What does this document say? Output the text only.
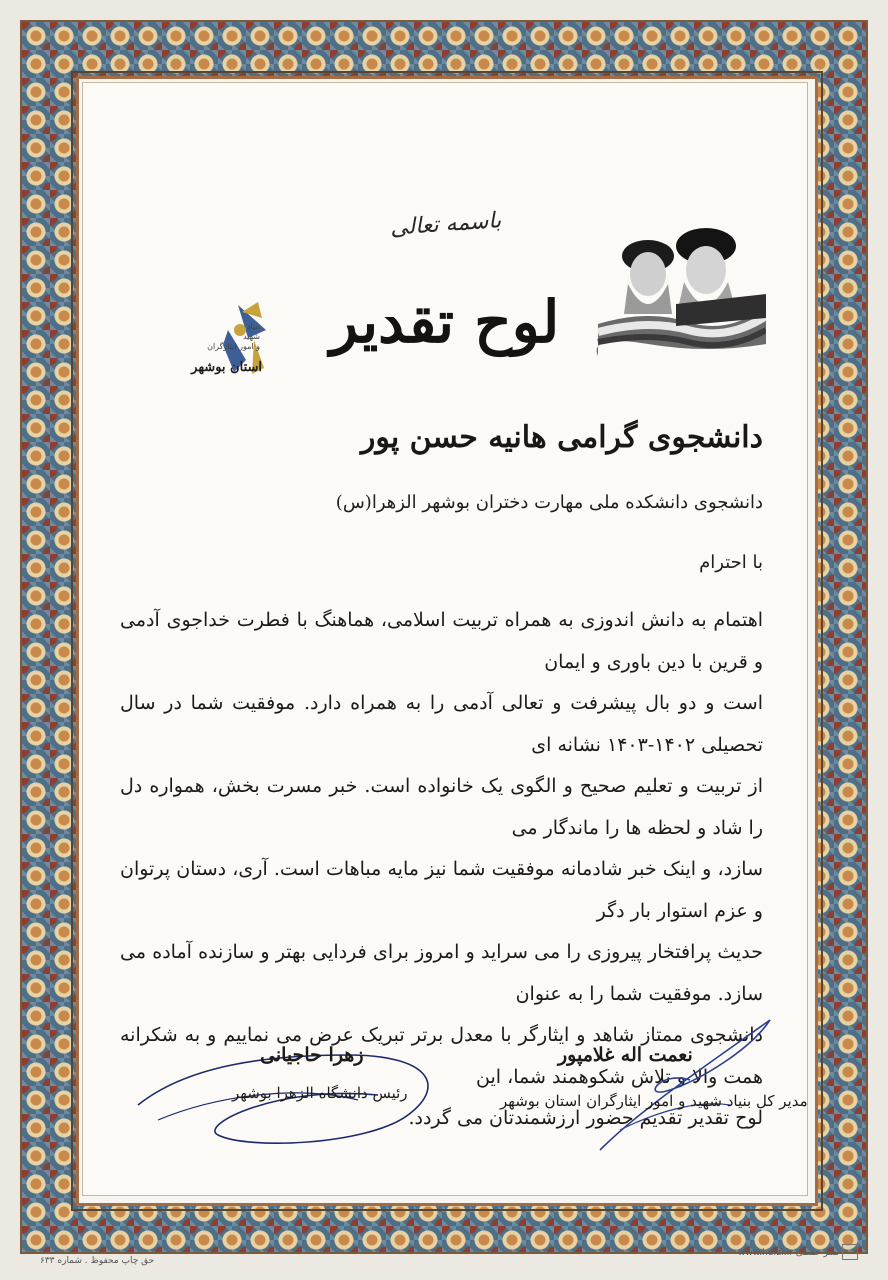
باسمه تعالی
لوح تقدیر
بنیاد
شهید
و امور ایثارگران
استان بوشهر
دانشجوی گرامی هانیه حسن پور
دانشجوی دانشکده ملی مهارت دختران بوشهر الزهرا(س)
با احترام

اهتمام به دانش اندوزی به همراه تربیت اسلامی، هماهنگ با فطرت خداجوی آدمی و قرین با دین باوری و ایمان
است و دو بال پیشرفت و تعالی آدمی را به همراه دارد. موفقیت شما در سال تحصیلی ۱۴۰۲-۱۴۰۳ نشانه ای
از تربیت و تعلیم صحیح و الگوی یک خانواده است. خبر مسرت بخش، همواره دل را شاد و لحظه ها را ماندگار می
سازد، و اینک خبر شادمانه موفقیت شما نیز مایه مباهات است. آری، دستان پرتوان و عزم استوار بار دگر
حدیث پرافتخار پیروزی را می سراید و امروز برای فردایی بهتر و سازنده آماده می سازد. موفقیت شما را به عنوان
دانشجوی ممتاز شاهد و ایثارگر با معدل برتر تبریک عرض می نماییم و به شکرانه همت والا و تلاش شکوهمند شما، این
لوح تقدیر تقدیم حضور ارزشمندتان می گردد.

زهرا حاجیانی
رئیس دانشگاه الزهرا بوشهر
نعمت اله غلامپور
مدیر کل بنیاد شهید و امور ایثارگران استان بوشهر
حق چاپ محفوظ . شماره ۶۳۳
www.hefzi.ir نشر حفظی
